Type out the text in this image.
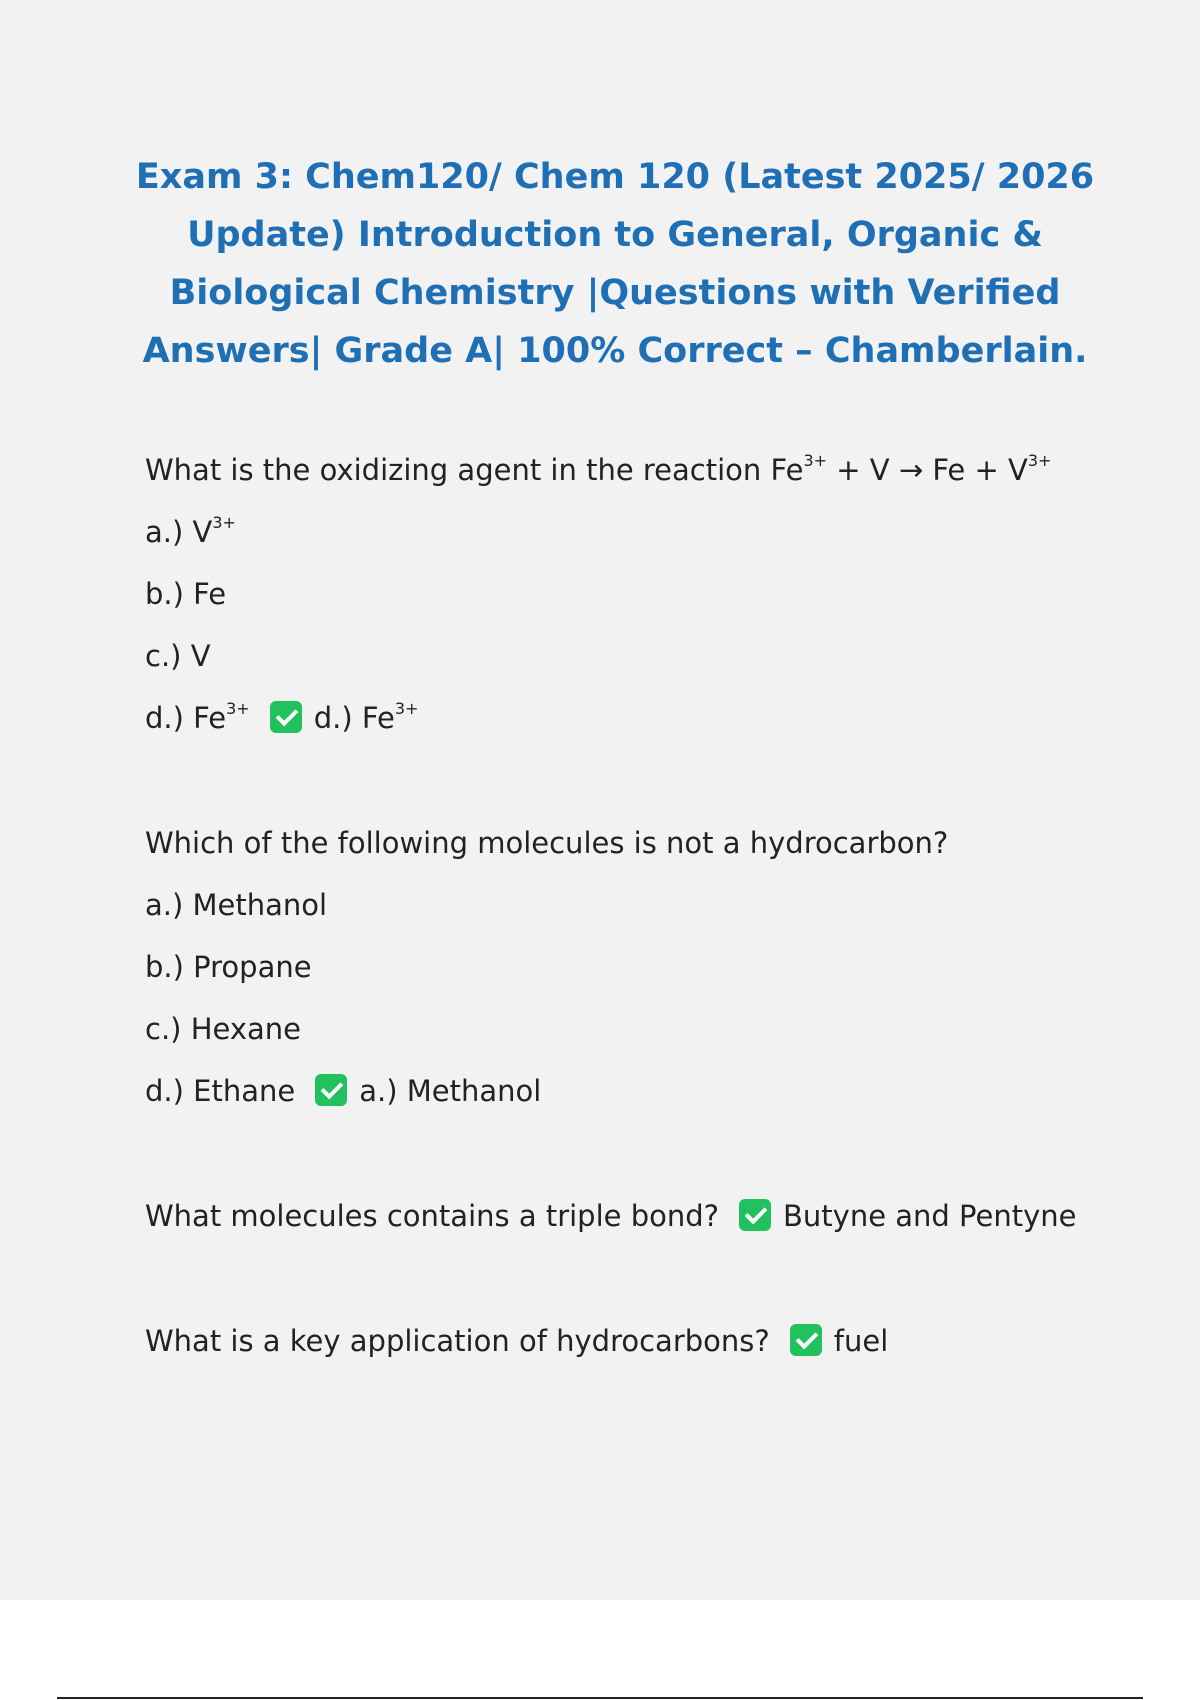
Exam 3: Chem120/ Chem 120 (Latest 2025/ 2026 Update) Introduction to General, Organic & Biological Chemistry |Questions with Verified Answers| Grade A| 100% Correct – Chamberlain.

What is the oxidizing agent in the reaction $Fe^{3+} + V \to Fe + V^{3+}$

a.) $V^{3+}$

b.) Fe

c.) V

d.) $Fe^{3+}$ d.) $Fe^{3+}$

Which of the following molecules is not a hydrocarbon?

a.) Methanol

b.) Propane

c.) Hexane

d.) Ethane a.) Methanol

What molecules contains a triple bond? Butyne and Pentyne

What is a key application of hydrocarbons? fuel
